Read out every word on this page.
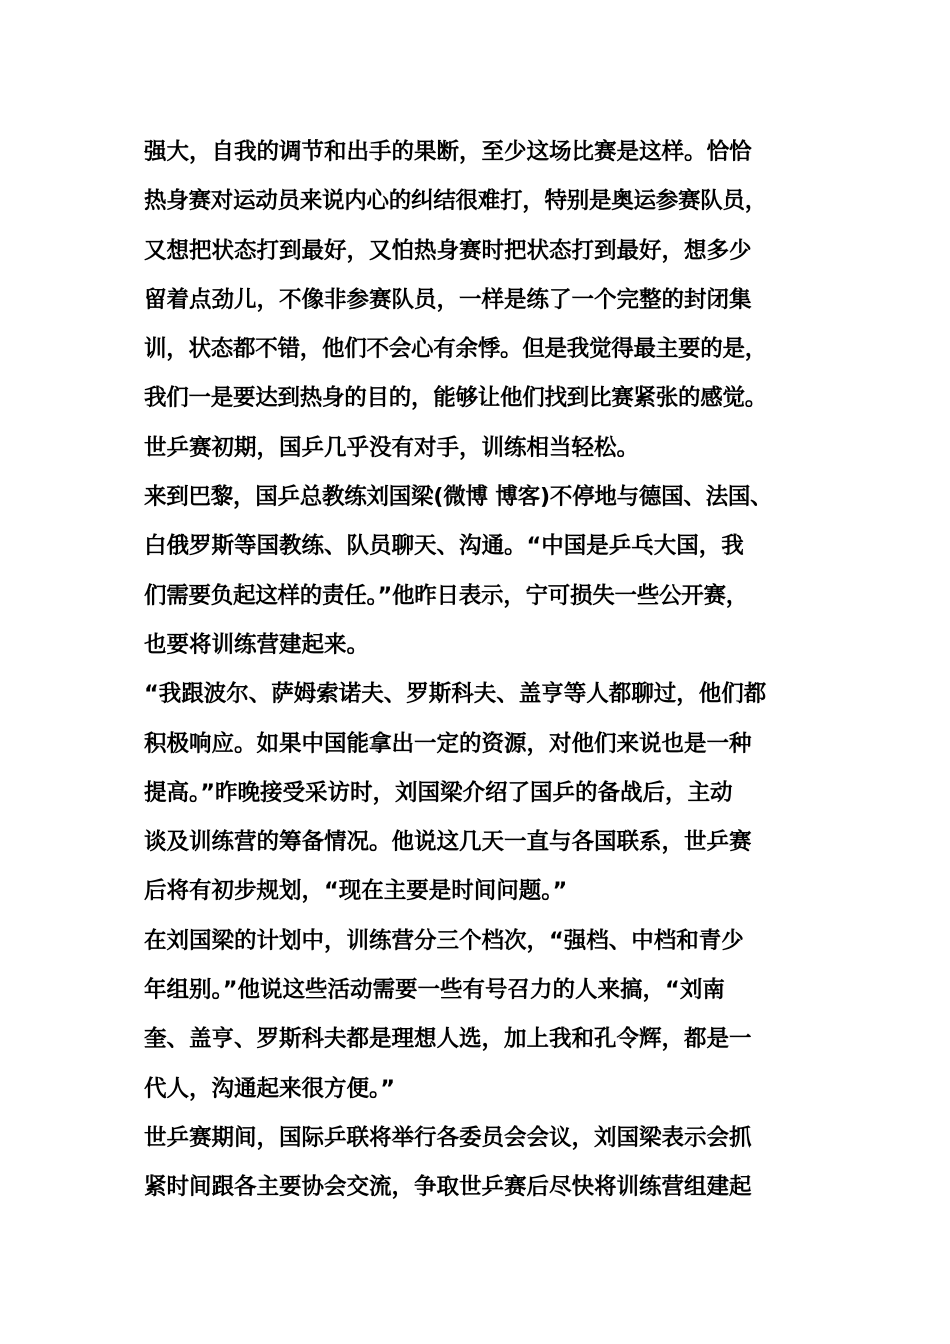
强大，自我的调节和出手的果断，至少这场比赛是这样。恰恰
热身赛对运动员来说内心的纠结很难打，特别是奥运参赛队员，
又想把状态打到最好，又怕热身赛时把状态打到最好，想多少
留着点劲儿，不像非参赛队员，一样是练了一个完整的封闭集
训，状态都不错，他们不会心有余悸。但是我觉得最主要的是，
我们一是要达到热身的目的，能够让他们找到比赛紧张的感觉。
世乒赛初期，国乒几乎没有对手，训练相当轻松。
来到巴黎，国乒总教练刘国梁(微博 博客)不停地与德国、法国、
白俄罗斯等国教练、队员聊天、沟通。“中国是乒乓大国，我
们需要负起这样的责任。”他昨日表示，宁可损失一些公开赛，
也要将训练营建起来。
“我跟波尔、萨姆索诺夫、罗斯科夫、盖亨等人都聊过，他们都
积极响应。如果中国能拿出一定的资源，对他们来说也是一种
提高。”昨晚接受采访时，刘国梁介绍了国乒的备战后，主动
谈及训练营的筹备情况。他说这几天一直与各国联系，世乒赛
后将有初步规划，“现在主要是时间问题。”
在刘国梁的计划中，训练营分三个档次，“强档、中档和青少
年组别。”他说这些活动需要一些有号召力的人来搞，“刘南
奎、盖亨、罗斯科夫都是理想人选，加上我和孔令辉，都是一
代人，沟通起来很方便。”
世乒赛期间，国际乒联将举行各委员会会议，刘国梁表示会抓
紧时间跟各主要协会交流，争取世乒赛后尽快将训练营组建起
